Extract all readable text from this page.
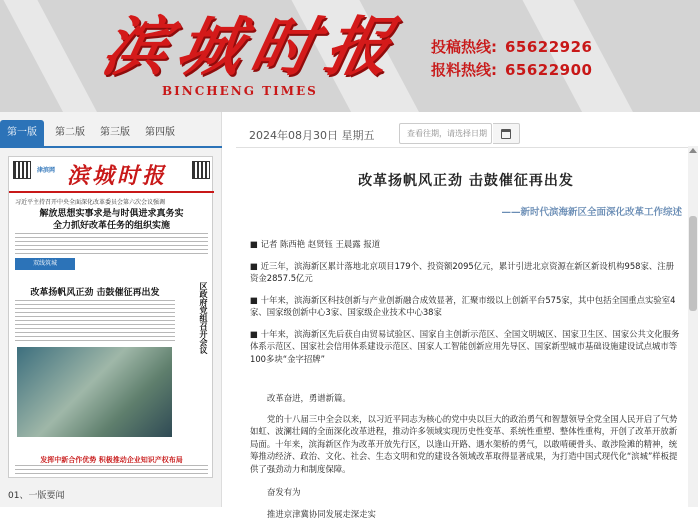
滨城时报
BINCHENG TIMES
投稿热线: 65622926
报料热线: 65622900
第一版	第二版	第三版	第四版
津滨网 滨城时报
习近平主持召开中央全面深化改革委员会第六次会议强调
解放思想实事求是与时俱进求真务实
全力抓好改革任务的组织实施
双线筑城
改革扬帆风正劲 击鼓催征再出发	区政府党组召开会议
发挥中新合作优势 积极推动企业知识产权布局
01、一版要闻
2024年08月30日 星期五	查看往期，请选择日期
改革扬帆风正劲 击鼓催征再出发
——新时代滨海新区全面深化改革工作综述

■ 记者 陈西艳 赵贤钰 王晨露 报道

■ 近三年，滨海新区累计落地北京项目179个、投资额2095亿元，累计引进北京资源在新区新设机构958家、注册资金2857.5亿元

■ 十年来，滨海新区科技创新与产业创新融合成效显著，汇聚市级以上创新平台575家，其中包括全国重点实验室4家、国家级创新中心3家、国家级企业技术中心38家

■ 十年来，滨海新区先后获自由贸易试验区、国家自主创新示范区、全国文明城区、国家卫生区、国家公共文化服务体系示范区、国家社会信用体系建设示范区、国家人工智能创新应用先导区、国家新型城市基础设施建设试点城市等100多块“金字招牌”

改革奋进，勇谱新篇。

党的十八届三中全会以来，以习近平同志为核心的党中央以巨大的政治勇气和智慧领导全党全国人民开启了气势如虹、波澜壮阔的全面深化改革进程，推动许多领域实现历史性变革、系统性重塑、整体性重构，开创了改革开放新局面。十年来，滨海新区作为改革开放先行区，以逢山开路、遇水架桥的勇气，以敢啃硬骨头、敢涉险滩的精神，统筹推动经济、政治、文化、社会、生态文明和党的建设各领域改革取得显著成果，为打造中国式现代化“滨城”样板提供了强劲动力和制度保障。

奋发有为

推进京津冀协同发展走深走实
